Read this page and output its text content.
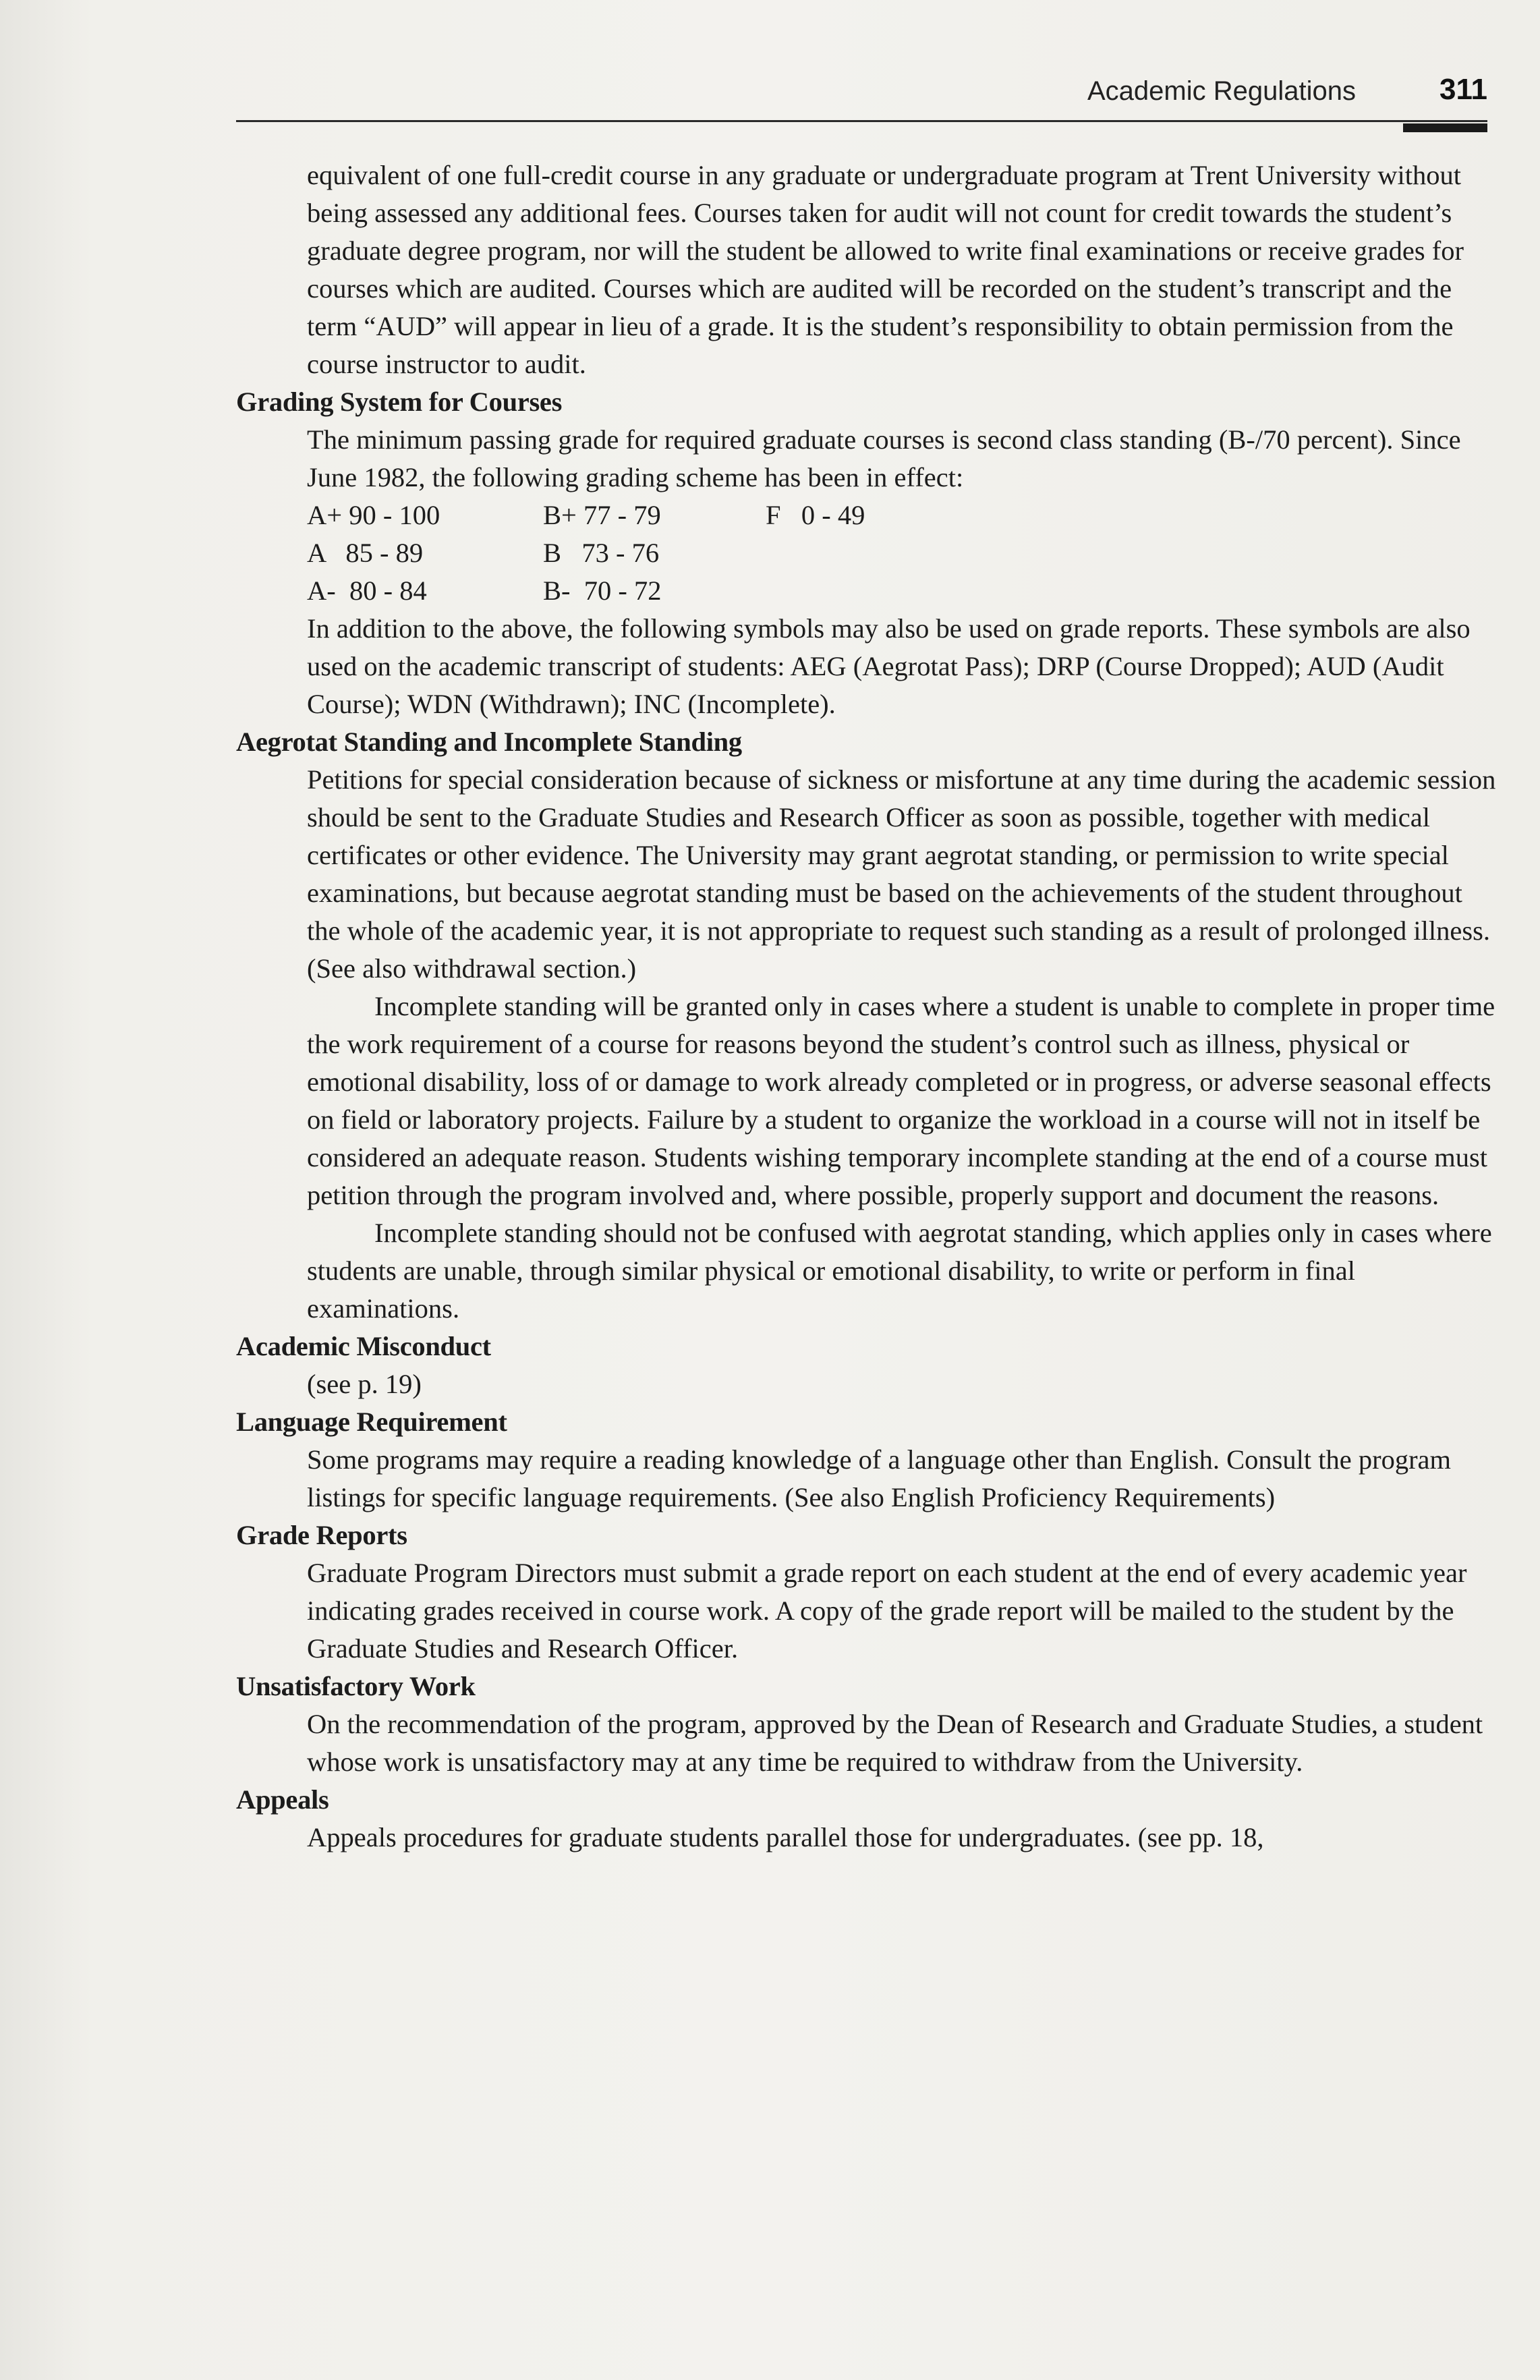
Academic Regulations	311

equivalent of one full-credit course in any graduate or undergraduate program at Trent University without being assessed any additional fees. Courses taken for audit will not count for credit towards the student’s graduate degree program, nor will the student be allowed to write final examinations or receive grades for courses which are audited. Courses which are audited will be recorded on the student’s transcript and the term “AUD” will appear in lieu of a grade. It is the student’s responsibility to obtain permission from the course instructor to audit.

Grading System for Courses

The minimum passing grade for required graduate courses is second class standing (B-/70 percent). Since June 1982, the following grading scheme has been in effect:

A+ 90 - 100	B+ 77 - 79	F   0 - 49
A   85 - 89	B   73 - 76	
A-  80 - 84	B-  70 - 72	

In addition to the above, the following symbols may also be used on grade reports. These symbols are also used on the academic transcript of students: AEG (Aegrotat Pass); DRP (Course Dropped); AUD (Audit Course); WDN (Withdrawn); INC (Incomplete).

Aegrotat Standing and Incomplete Standing

Petitions for special consideration because of sickness or misfortune at any time during the academic session should be sent to the Graduate Studies and Research Officer as soon as possible, together with medical certificates or other evidence. The University may grant aegrotat standing, or permission to write special examinations, but because aegrotat standing must be based on the achievements of the student throughout the whole of the academic year, it is not appropriate to request such standing as a result of prolonged illness. (See also withdrawal section.)

Incomplete standing will be granted only in cases where a student is unable to complete in proper time the work requirement of a course for reasons beyond the student’s control such as illness, physical or emotional disability, loss of or damage to work already completed or in progress, or adverse seasonal effects on field or laboratory projects. Failure by a student to organize the workload in a course will not in itself be considered an adequate reason. Students wishing temporary incomplete standing at the end of a course must petition through the program involved and, where possible, properly support and document the reasons.

Incomplete standing should not be confused with aegrotat standing, which applies only in cases where students are unable, through similar physical or emotional disability, to write or perform in final examinations.

Academic Misconduct

(see p. 19)

Language Requirement

Some programs may require a reading knowledge of a language other than English. Consult the program listings for specific language requirements. (See also English Proficiency Requirements)

Grade Reports

Graduate Program Directors must submit a grade report on each student at the end of every academic year indicating grades received in course work. A copy of the grade report will be mailed to the student by the Graduate Studies and Research Officer.

Unsatisfactory Work

On the recommendation of the program, approved by the Dean of Research and Graduate Studies, a student whose work is unsatisfactory may at any time be required to withdraw from the University.

Appeals

Appeals procedures for graduate students parallel those for undergraduates. (see pp. 18,
